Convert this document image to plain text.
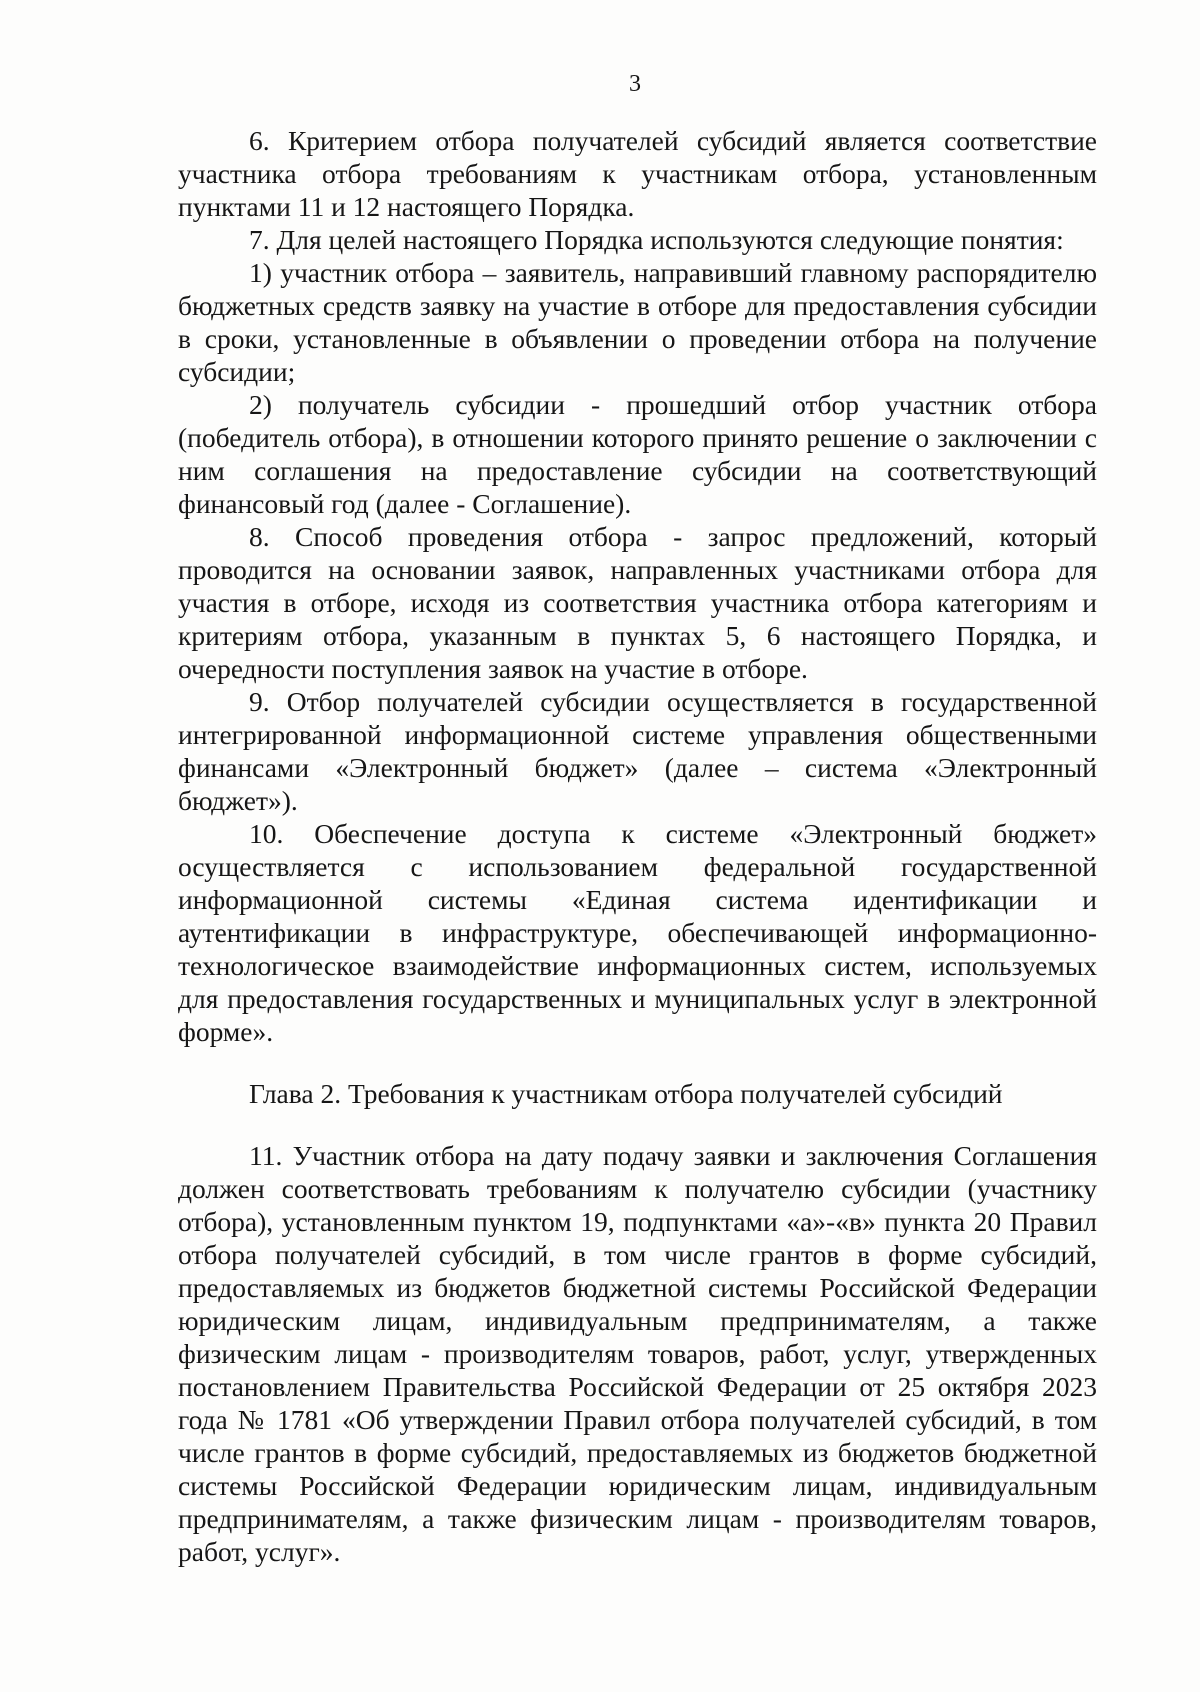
3

6. Критерием отбора получателей субсидий является соответствие участника отбора требованиям к участникам отбора, установленным пунктами 11 и 12 настоящего Порядка.

7. Для целей настоящего Порядка используются следующие понятия:

1) участник отбора – заявитель, направивший главному распорядителю бюджетных средств заявку на участие в отборе для предоставления субсидии в сроки, установленные в объявлении о проведении отбора на получение субсидии;

2) получатель субсидии - прошедший отбор участник отбора (победитель отбора), в отношении которого принято решение о заключении с ним соглашения на предоставление субсидии на соответствующий финансовый год (далее - Соглашение).

8. Способ проведения отбора - запрос предложений, который проводится на основании заявок, направленных участниками отбора для участия в отборе, исходя из соответствия участника отбора категориям и критериям отбора, указанным в пунктах 5, 6 настоящего Порядка, и очередности поступления заявок на участие в отборе.

9. Отбор получателей субсидии осуществляется в государственной интегрированной информационной системе управления общественными финансами «Электронный бюджет» (далее – система «Электронный бюджет»).

10. Обеспечение доступа к системе «Электронный бюджет» осуществляется с использованием федеральной государственной информационной системы «Единая система идентификации и аутентификации в инфраструктуре, обеспечивающей информационно-технологическое взаимодействие информационных систем, используемых для предоставления государственных и муниципальных услуг в электронной форме».

Глава 2. Требования к участникам отбора получателей субсидий

11. Участник отбора на дату подачу заявки и заключения Соглашения должен соответствовать требованиям к получателю субсидии (участнику отбора), установленным пунктом 19, подпунктами «а»-«в» пункта 20 Правил отбора получателей субсидий, в том числе грантов в форме субсидий, предоставляемых из бюджетов бюджетной системы Российской Федерации юридическим лицам, индивидуальным предпринимателям, а также физическим лицам - производителям товаров, работ, услуг, утвержденных постановлением Правительства Российской Федерации от 25 октября 2023 года № 1781 «Об утверждении Правил отбора получателей субсидий, в том числе грантов в форме субсидий, предоставляемых из бюджетов бюджетной системы Российской Федерации юридическим лицам, индивидуальным предпринимателям, а также физическим лицам - производителям товаров, работ, услуг».
